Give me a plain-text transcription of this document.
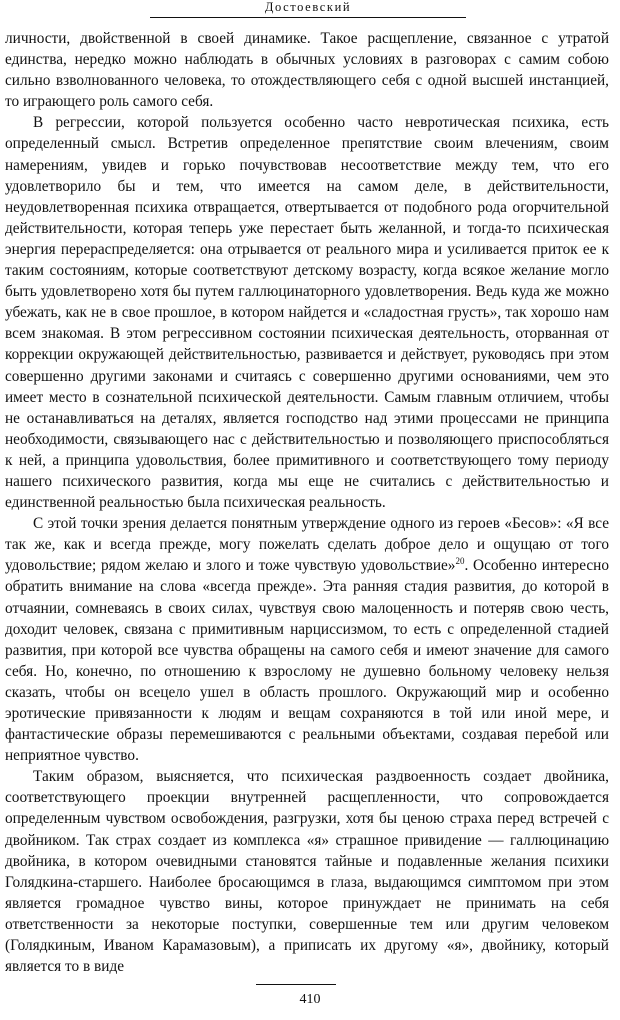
Достоевский

личности, двойственной в своей динамике. Такое расщепление, связанное с утратой единства, нередко можно наблюдать в обычных условиях в разговорах с самим собою сильно взволнованного человека, то отождествляющего себя с одной высшей инстанцией, то играющего роль самого себя.

В регрессии, которой пользуется особенно часто невротическая психика, есть определенный смысл. Встретив определенное препятствие своим влечениям, своим намерениям, увидев и горько почувствовав несоответствие между тем, что его удовлетворило бы и тем, что имеется на самом деле, в действительности, неудовлетворенная психика отвращается, отвертывается от подобного рода огорчительной действительности, которая теперь уже перестает быть желанной, и тогда-то психическая энергия перераспределяется: она отрывается от реального мира и усиливается приток ее к таким состояниям, которые соответствуют детскому возрасту, когда всякое желание могло быть удовлетворено хотя бы путем галлюцинаторного удовлетворения. Ведь куда же можно убежать, как не в свое прошлое, в котором найдется и «сладостная грусть», так хорошо нам всем знакомая. В этом регрессивном состоянии психическая деятельность, оторванная от коррекции окружающей действительностью, развивается и действует, руководясь при этом совершенно другими законами и считаясь с совершенно другими основаниями, чем это имеет место в сознательной психической деятельности. Самым главным отличием, чтобы не останавливаться на деталях, является господство над этими процессами не принципа необходимости, связывающего нас с действительностью и позволяющего приспособляться к ней, а принципа удовольствия, более примитивного и соответствующего тому периоду нашего психического развития, когда мы еще не считались с действительностью и единственной реальностью была психическая реальность.

С этой точки зрения делается понятным утверждение одного из героев «Бесов»: «Я все так же, как и всегда прежде, могу пожелать сделать доброе дело и ощущаю от того удовольствие; рядом желаю и злого и тоже чувствую удовольствие»$^{20}$. Особенно интересно обратить внимание на слова «всегда прежде». Эта ранняя стадия развития, до которой в отчаянии, сомневаясь в своих силах, чувствуя свою малоценность и потеряв свою честь, доходит человек, связана с примитивным нарциссизмом, то есть с определенной стадией развития, при которой все чувства обращены на самого себя и имеют значение для самого себя. Но, конечно, по отношению к взрослому не душевно больному человеку нельзя сказать, чтобы он всецело ушел в область прошлого. Окружающий мир и особенно эротические привязанности к людям и вещам сохраняются в той или иной мере, и фантастические образы перемешиваются с реальными объектами, создавая перебой или неприятное чувство.

Таким образом, выясняется, что психическая раздвоенность создает двойника, соответствующего проекции внутренней расщепленности, что сопровождается определенным чувством освобождения, разгрузки, хотя бы ценою страха перед встречей с двойником. Так страх создает из комплекса «я» страшное привидение — галлюцинацию двойника, в котором очевидными становятся тайные и подавленные желания психики Голядкина-старшего. Наиболее бросающимся в глаза, выдающимся симптомом при этом является громадное чувство вины, которое принуждает не принимать на себя ответственности за некоторые поступки, совершенные тем или другим человеком (Голядкиным, Иваном Карамазовым), а приписать их другому «я», двойнику, который является то в виде

410
